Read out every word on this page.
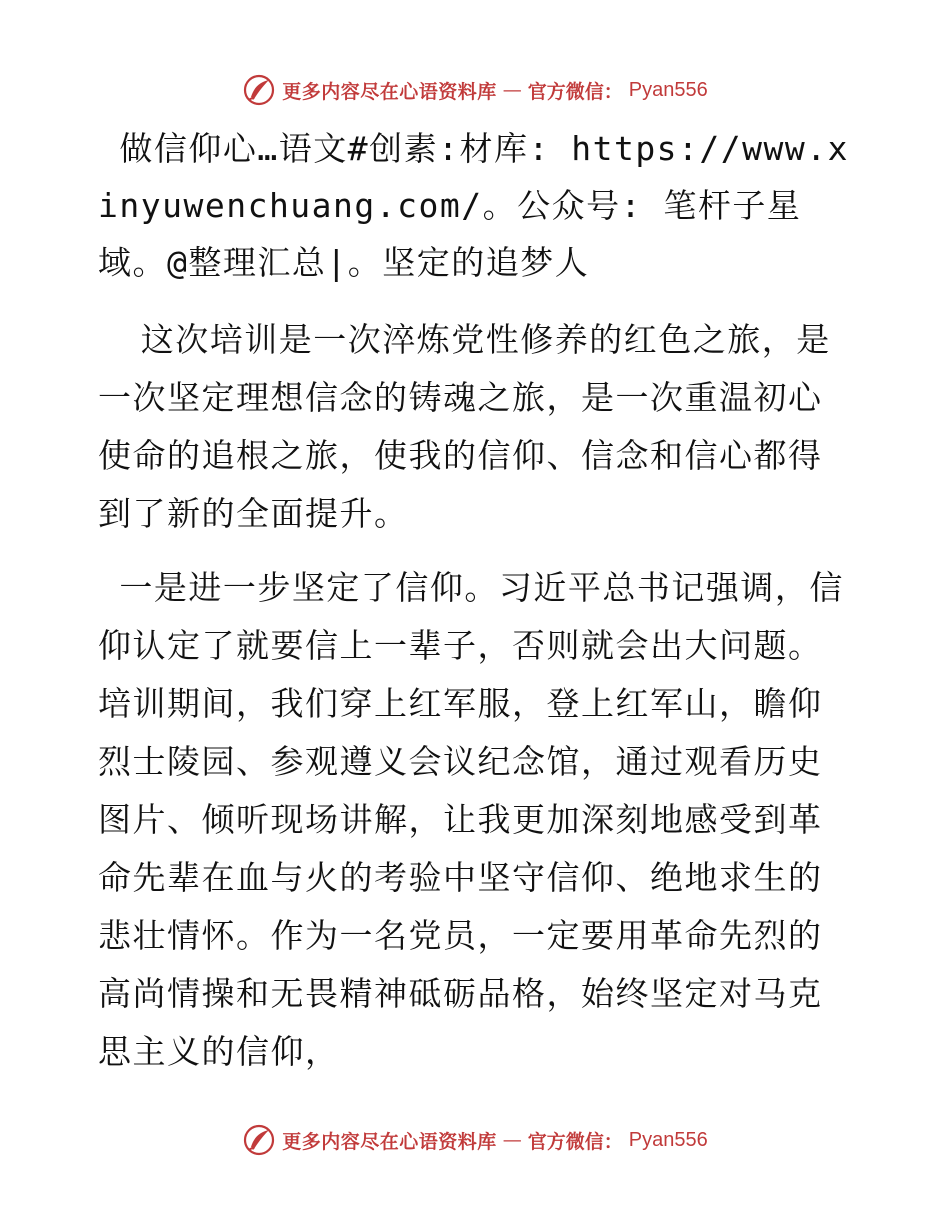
更多内容尽在心语资料库 — 官方微信： Pyan556

做信仰心…语文#创素:材库: https://www.xinyuwenchuang.com/。公众号: 笔杆子星域。@整理汇总|。坚定的追梦人

这次培训是一次淬炼党性修养的红色之旅，是一次坚定理想信念的铸魂之旅，是一次重温初心使命的追根之旅，使我的信仰、信念和信心都得到了新的全面提升。

一是进一步坚定了信仰。习近平总书记强调，信仰认定了就要信上一辈子，否则就会出大问题。培训期间，我们穿上红军服，登上红军山，瞻仰烈士陵园、参观遵义会议纪念馆，通过观看历史图片、倾听现场讲解，让我更加深刻地感受到革命先辈在血与火的考验中坚守信仰、绝地求生的悲壮情怀。作为一名党员，一定要用革命先烈的高尚情操和无畏精神砥砺品格，始终坚定对马克思主义的信仰，

更多内容尽在心语资料库 — 官方微信： Pyan556
